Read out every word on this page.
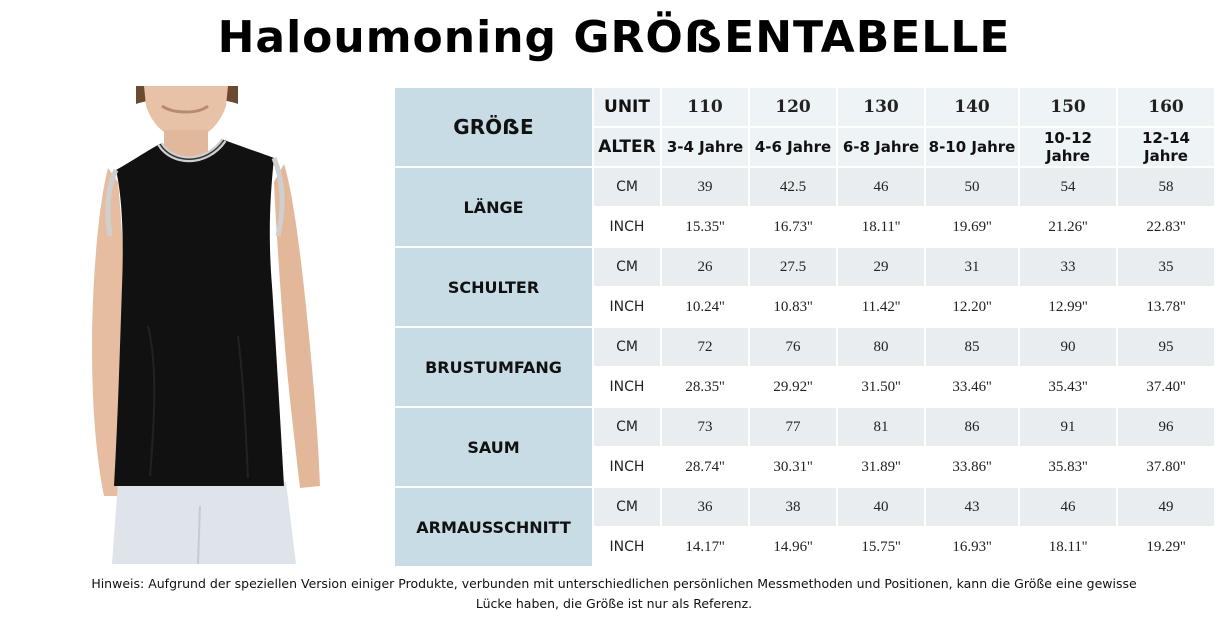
Haloumoning GRÖẞENTABELLE
GRÖẞE	UNIT	110	120	130	140	150	160
	ALTER	3-4 Jahre	4-6 Jahre	6-8 Jahre	8-10 Jahre	10-12 Jahre	12-14 Jahre
LÄNGE	CM	39	42.5	46	50	54	58
	INCH	15.35''	16.73''	18.11''	19.69''	21.26''	22.83''
SCHULTER	CM	26	27.5	29	31	33	35
	INCH	10.24''	10.83''	11.42''	12.20''	12.99''	13.78''
BRUSTUMFANG	CM	72	76	80	85	90	95
	INCH	28.35''	29.92''	31.50''	33.46''	35.43''	37.40''
SAUM	CM	73	77	81	86	91	96
	INCH	28.74''	30.31''	31.89''	33.86''	35.83''	37.80''
ARMAUSSCHNITT	CM	36	38	40	43	46	49
	INCH	14.17''	14.96''	15.75''	16.93''	18.11''	19.29''
Hinweis: Aufgrund der speziellen Version einiger Produkte, verbunden mit unterschiedlichen persönlichen Messmethoden und Positionen, kann die Größe eine gewisse
Lücke haben, die Größe ist nur als Referenz.
